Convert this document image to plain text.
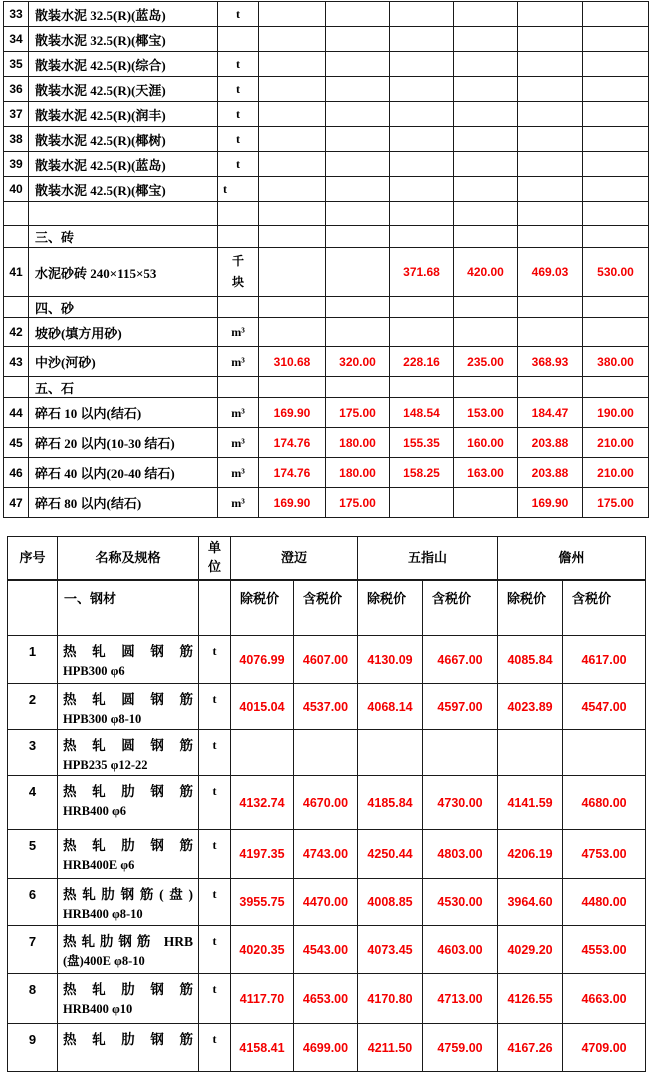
33	散装水泥 32.5(R)(蓝岛)	t						
34	散装水泥 32.5(R)(椰宝)							
35	散装水泥 42.5(R)(综合)	t						
36	散装水泥 42.5(R)(天涯)	t						
37	散装水泥 42.5(R)(润丰)	t						
38	散装水泥 42.5(R)(椰树)	t						
39	散装水泥 42.5(R)(蓝岛)	t						
40	散装水泥 42.5(R)(椰宝)	t						

	三、砖							
41	水泥砂砖 240×115×53	千块			371.68	420.00	469.03	530.00
	四、砂							
42	坡砂(填方用砂)	m³						
43	中沙(河砂)	m³	310.68	320.00	228.16	235.00	368.93	380.00
	五、石							
44	碎石 10 以内(结石)	m³	169.90	175.00	148.54	153.00	184.47	190.00
45	碎石 20 以内(10-30 结石)	m³	174.76	180.00	155.35	160.00	203.88	210.00
46	碎石 40 以内(20-40 结石)	m³	174.76	180.00	158.25	163.00	203.88	210.00
47	碎石 80 以内(结石)	m³	169.90	175.00			169.90	175.00
序号	名称及规格	单位	澄迈		五指山		儋州	
	一、钢材		除税价	含税价	除税价	含税价	除税价	含税价
1	热轧圆钢筋
HPB300 φ6	t	4076.99	4607.00	4130.09	4667.00	4085.84	4617.00
2	热轧圆钢筋
HPB300 φ8-10	t	4015.04	4537.00	4068.14	4597.00	4023.89	4547.00
3	热轧圆钢筋
HPB235 φ12-22	t						
4	热轧肋钢筋
HRB400 φ6	t	4132.74	4670.00	4185.84	4730.00	4141.59	4680.00
5	热轧肋钢筋
HRB400E φ6	t	4197.35	4743.00	4250.44	4803.00	4206.19	4753.00
6	热轧肋钢筋(盘)
HRB400 φ8-10	t	3955.75	4470.00	4008.85	4530.00	3964.60	4480.00
7	热轧肋钢筋 HRB
(盘)400E φ8-10	t	4020.35	4543.00	4073.45	4603.00	4029.20	4553.00
8	热轧肋钢筋
HRB400 φ10	t	4117.70	4653.00	4170.80	4713.00	4126.55	4663.00
9	热轧肋钢筋	t	4158.41	4699.00	4211.50	4759.00	4167.26	4709.00
